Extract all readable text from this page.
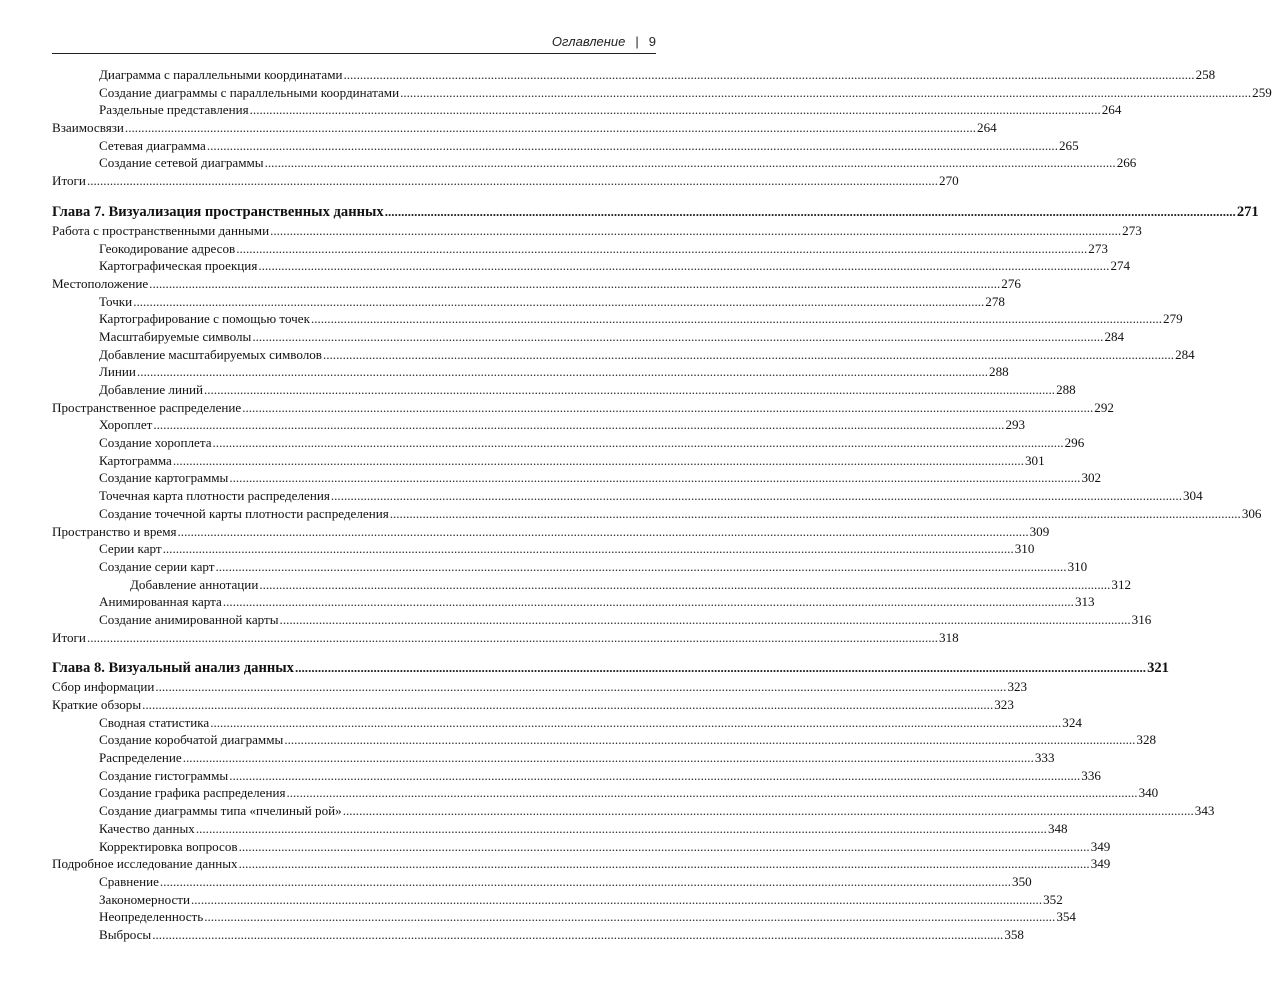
Оглавление | 9
Диаграмма с параллельными координатами .................................................................................................................................................................................................................................................................... 258
Создание диаграммы с параллельными координатами .................................................................................................................................................................................................................................................................... 259
Раздельные представления .................................................................................................................................................................................................................................................................... 264
Взаимосвязи .................................................................................................................................................................................................................................................................... 264
Сетевая диаграмма .................................................................................................................................................................................................................................................................... 265
Создание сетевой диаграммы .................................................................................................................................................................................................................................................................... 266
Итоги .................................................................................................................................................................................................................................................................... 270
Глава 7. Визуализация пространственных данных .................................................................................................................................................................................................................................................................... 271
Работа с пространственными данными .................................................................................................................................................................................................................................................................... 273
Геокодирование адресов .................................................................................................................................................................................................................................................................... 273
Картографическая проекция .................................................................................................................................................................................................................................................................... 274
Местоположение .................................................................................................................................................................................................................................................................... 276
Точки .................................................................................................................................................................................................................................................................... 278
Картографирование с помощью точек .................................................................................................................................................................................................................................................................... 279
Масштабируемые символы .................................................................................................................................................................................................................................................................... 284
Добавление масштабируемых символов .................................................................................................................................................................................................................................................................... 284
Линии .................................................................................................................................................................................................................................................................... 288
Добавление линий .................................................................................................................................................................................................................................................................... 288
Пространственное распределение .................................................................................................................................................................................................................................................................... 292
Хороплет .................................................................................................................................................................................................................................................................... 293
Создание хороплета .................................................................................................................................................................................................................................................................... 296
Картограмма .................................................................................................................................................................................................................................................................... 301
Создание картограммы .................................................................................................................................................................................................................................................................... 302
Точечная карта плотности распределения .................................................................................................................................................................................................................................................................... 304
Создание точечной карты плотности распределения .................................................................................................................................................................................................................................................................... 306
Пространство и время .................................................................................................................................................................................................................................................................... 309
Серии карт .................................................................................................................................................................................................................................................................... 310
Создание серии карт .................................................................................................................................................................................................................................................................... 310
Добавление аннотации .................................................................................................................................................................................................................................................................... 312
Анимированная карта .................................................................................................................................................................................................................................................................... 313
Создание анимированной карты .................................................................................................................................................................................................................................................................... 316
Итоги .................................................................................................................................................................................................................................................................... 318
Глава 8. Визуальный анализ данных .................................................................................................................................................................................................................................................................... 321
Сбор информации .................................................................................................................................................................................................................................................................... 323
Краткие обзоры .................................................................................................................................................................................................................................................................... 323
Сводная статистика .................................................................................................................................................................................................................................................................... 324
Создание коробчатой диаграммы .................................................................................................................................................................................................................................................................... 328
Распределение .................................................................................................................................................................................................................................................................... 333
Создание гистограммы .................................................................................................................................................................................................................................................................... 336
Создание графика распределения .................................................................................................................................................................................................................................................................... 340
Создание диаграммы типа «пчелиный рой» .................................................................................................................................................................................................................................................................... 343
Качество данных .................................................................................................................................................................................................................................................................... 348
Корректировка вопросов .................................................................................................................................................................................................................................................................... 349
Подробное исследование данных .................................................................................................................................................................................................................................................................... 349
Сравнение .................................................................................................................................................................................................................................................................... 350
Закономерности .................................................................................................................................................................................................................................................................... 352
Неопределенность .................................................................................................................................................................................................................................................................... 354
Выбросы .................................................................................................................................................................................................................................................................... 358
